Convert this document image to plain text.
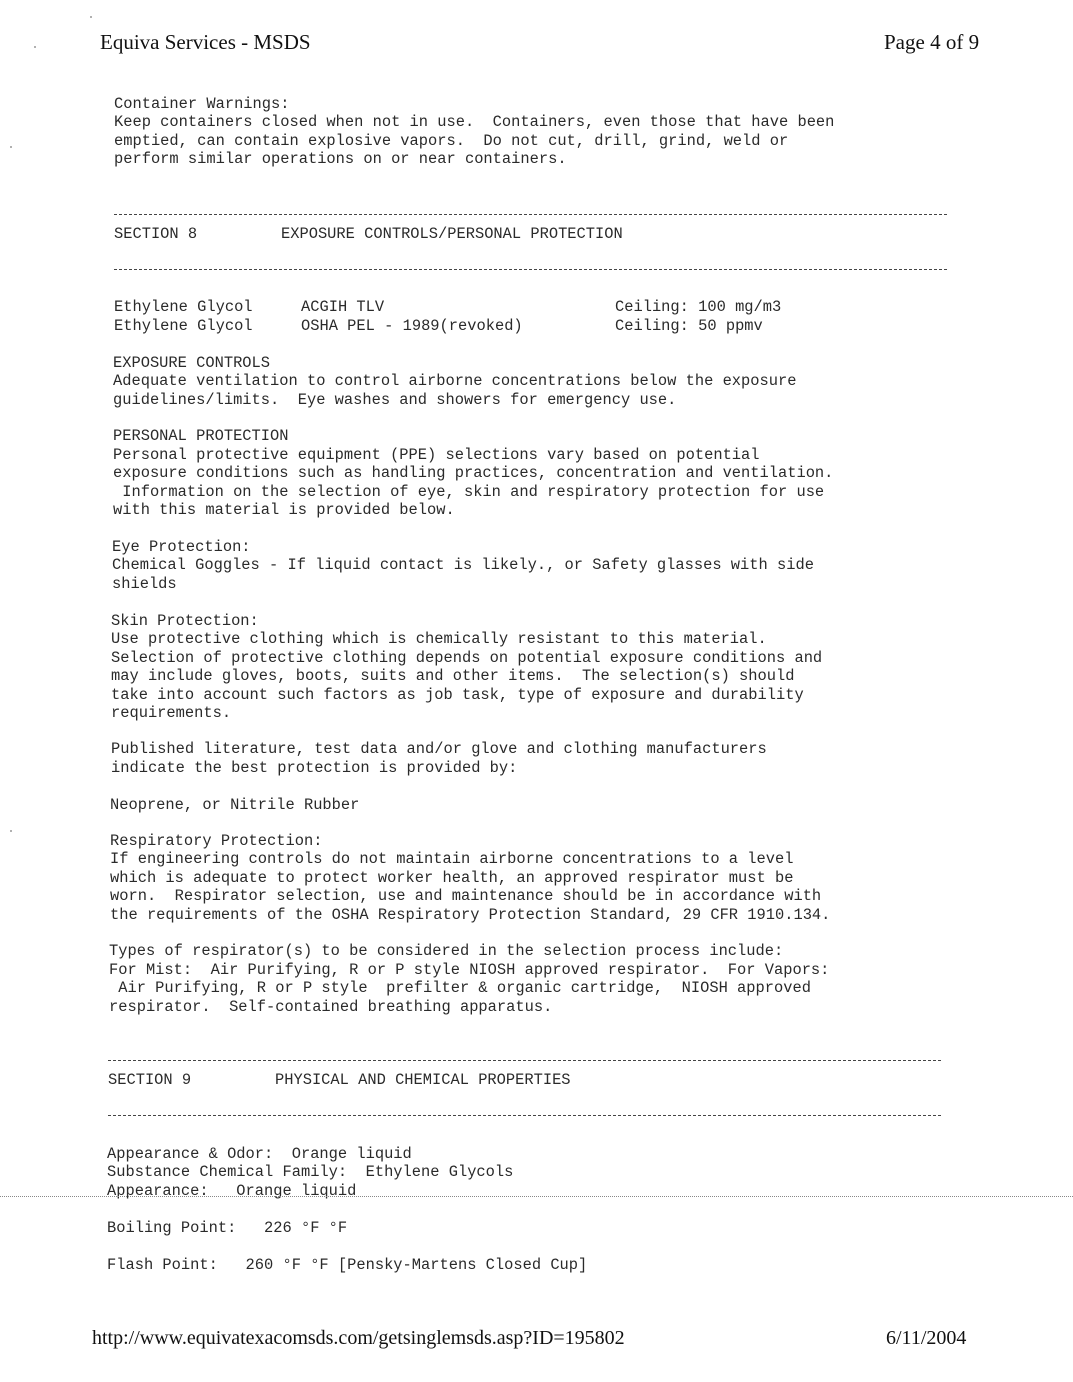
Equiva Services - MSDS	Page 4 of 9
Container Warnings:
Keep containers closed when not in use.  Containers, even those that have been
emptied, can contain explosive vapors.  Do not cut, drill, grind, weld or
perform similar operations on or near containers.
SECTION 8	EXPOSURE CONTROLS/PERSONAL PROTECTION
Ethylene Glycol	ACGIH TLV	Ceiling: 100 mg/m3
Ethylene Glycol	OSHA PEL - 1989(revoked)	Ceiling: 50 ppmv
EXPOSURE CONTROLS
Adequate ventilation to control airborne concentrations below the exposure
guidelines/limits.  Eye washes and showers for emergency use.
PERSONAL PROTECTION
Personal protective equipment (PPE) selections vary based on potential
exposure conditions such as handling practices, concentration and ventilation.
Information on the selection of eye, skin and respiratory protection for use
with this material is provided below.
Eye Protection:
Chemical Goggles - If liquid contact is likely., or Safety glasses with side
shields
Skin Protection:
Use protective clothing which is chemically resistant to this material.
Selection of protective clothing depends on potential exposure conditions and
may include gloves, boots, suits and other items.  The selection(s) should
take into account such factors as job task, type of exposure and durability
requirements.
Published literature, test data and/or glove and clothing manufacturers
indicate the best protection is provided by:
Neoprene, or Nitrile Rubber
Respiratory Protection:
If engineering controls do not maintain airborne concentrations to a level
which is adequate to protect worker health, an approved respirator must be
worn.  Respirator selection, use and maintenance should be in accordance with
the requirements of the OSHA Respiratory Protection Standard, 29 CFR 1910.134.
Types of respirator(s) to be considered in the selection process include:
For Mist:  Air Purifying, R or P style NIOSH approved respirator.  For Vapors:
Air Purifying, R or P style  prefilter & organic cartridge,  NIOSH approved
respirator.  Self-contained breathing apparatus.
SECTION 9	PHYSICAL AND CHEMICAL PROPERTIES
Appearance & Odor:  Orange liquid
Substance Chemical Family:  Ethylene Glycols
Appearance:   Orange liquid
Boiling Point:   226 °F °F
Flash Point:   260 °F °F [Pensky-Martens Closed Cup]
http://www.equivatexacomsds.com/getsinglemsds.asp?ID=195802	6/11/2004
